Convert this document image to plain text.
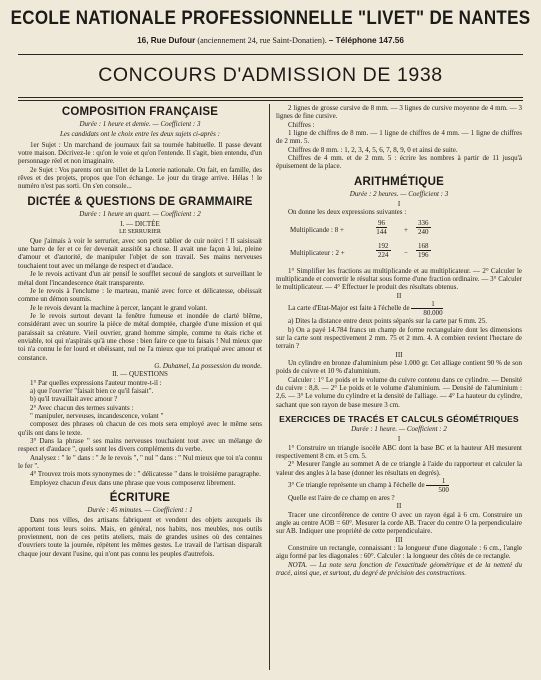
ECOLE NATIONALE PROFESSIONNELLE "LIVET" DE NANTES
16, Rue Dufour (anciennement 24, rue Saint-Donatien). – Téléphone 147.56
CONCOURS D'ADMISSION DE 1938
COMPOSITION FRANÇAISE
Durée : 1 heure et demie. — Coefficient : 3
Les candidats ont le choix entre les deux sujets ci-après :

1er Sujet : Un marchand de journaux fait sa tournée habituelle. Il passe devant votre maison. Décrivez-le : qu'on le voie et qu'on l'entende. Il s'agit, bien entendu, d'un personnage réel et non imaginaire.

2e Sujet : Vos parents ont un billet de la Loterie nationale. On fait, en famille, des rêves et des projets, propos que l'on échange. Le jour du tirage arrive. Hélas ! le numéro n'est pas sorti. On s'en console...

DICTÉE & QUESTIONS DE GRAMMAIRE
Durée : 1 heure un quart. — Coefficient : 2
I. — DICTÉE
LE SERRURIER

Que j'aimais à voir le serrurier, avec son petit tablier de cuir noirci ! Il saisissait une barre de fer et ce fer devenait aussitôt sa chose. Il avait une façon à lui, pleine d'amour et d'autorité, de manipuler l'objet de son travail. Ses mains nerveuses touchaient tout avec un mélange de respect et d'audace.

Je le revois activant d'un air pensif le soufflet secoué de sanglots et surveillant le métal dont l'incandescence était transparente.

Je le revois à l'enclume : le marteau, manié avec force et délicatesse, obéissait comme un démon soumis.

Je le revois devant la machine à percer, lançant le grand volant.

Je le revois surtout devant la fenêtre fumeuse et inondée de clarté blême, considérant avec un sourire la pièce de métal domptée, chargée d'une mission et qui paraissait sa créature. Vieil ouvrier, grand homme simple, comme tu étais riche et enviable, toi qui n'aspirais qu'à une chose : bien faire ce que tu faisais ! Nul mieux que toi n'a connu le fer lourd et obéissant, nul ne l'a mieux que toi pratiqué avec amour et constance.

G. Duhamel, La possession du monde.
II. — QUESTIONS

1° Par quelles expressions l'auteur montre-t-il :

a) que l'ouvrier "faisait bien ce qu'il faisait".

b) qu'il travaillait avec amour ?

2° Avec chacun des termes suivants :

" manipuler, nerveuses, incandescence, volant "

composez des phrases où chacun de ces mots sera employé avec le même sens qu'ils ont dans le texte.

3° Dans la phrase " ses mains nerveuses touchaient tout avec un mélange de respect et d'audace ", quels sont les divers compléments du verbe.

Analysez : " le " dans : " Je le revois ", " nul " dans : " Nul mieux que toi n'a connu le fer ".

4° Trouvez trois mots synonymes de : " délicatesse " dans le troisième paragraphe.

Employez chacun d'eux dans une phrase que vous composerez librement.

ÉCRITURE
Durée : 45 minutes. — Coefficient : 1

Dans nos villes, des artisans fabriquent et vendent des objets auxquels ils apportent tous leurs soins. Mais, en général, nos habits, nos meubles, nos outils proviennent, non de ces petits ateliers, mais de grandes usines où des centaines d'ouvriers toute la journée, répètent les mêmes gestes. Le travail de l'artisan disparaît chaque jour devant l'usine, qui n'ont pas connu les peuples d'autrefois.

2 lignes de grosse cursive de 8 mm. — 3 lignes de cursive moyenne de 4 mm. — 3 lignes de fine cursive.

Chiffres :

1 ligne de chiffres de 8 mm. — 1 ligne de chiffres de 4 mm. — 1 ligne de chiffres de 2 mm. 5.

Chiffres de 8 mm. : 1, 2, 3, 4, 5, 6, 7, 8, 9, 0 et ainsi de suite.

Chiffres de 4 mm. et de 2 mm. 5 : écrire les nombres à partir de 11 jusqu'à épuisement de la place.

ARITHMÉTIQUE
Durée : 2 heures. — Coefficient : 3
I

On donne les deux expressions suivantes :

Multiplicande : 8 +	$\frac{96}{144} + \frac{336}{240}$
Multiplicateur : 2 +	$\frac{192}{224} - \frac{168}{196}$

1° Simplifier les fractions au multiplicande et au multiplicateur. — 2° Calculer le multiplicande et convertir le résultat sous forme d'une fraction ordinaire. — 3° Calculer le multiplicateur. — 4° Effectuer le produit des résultats obtenus.

II

La carte d'Etat-Major est faite à l'échelle de $\frac{1}{80.000}$

a) Dites la distance entre deux points séparés sur la carte par 6 mm. 25.

b) On a payé 14.784 francs un champ de forme rectangulaire dont les dimensions sur la carte sont respectivement 2 mm. 75 et 2 mm. 4. A combien revient l'hectare de terrain ?

III

Un cylindre en bronze d'aluminium pèse 1.000 gr. Cet alliage contient 90 % de son poids de cuivre et 10 % d'aluminium.

Calculer : 1° Le poids et le volume du cuivre contenu dans ce cylindre. — Densité du cuivre : 8,8. — 2° Le poids et le volume d'aluminium. — Densité de l'aluminium : 2,6. — 3° Le volume du cylindre et la densité de l'alliage. — 4° La hauteur du cylindre, sachant que son rayon de base mesure 3 cm.

EXERCICES DE TRACÉS ET CALCULS GÉOMÉTRIQUES
Durée : 1 heure. — Coefficient : 2
I

1° Construire un triangle isocèle ABC dont la base BC et la hauteur AH mesurent respectivement 8 cm. et 5 cm. 5.

2° Mesurer l'angle au sommet A de ce triangle à l'aide du rapporteur et calculer la valeur des angles à la base (donner les résultats en degrés).

3° Ce triangle représente un champ à l'échelle de $\frac{1}{500}$

Quelle est l'aire de ce champ en ares ?

II

Tracer une circonférence de centre O avec un rayon égal à 6 cm. Construire un angle au centre AOB = 60°. Mesurer la corde AB. Tracer du centre O la perpendiculaire sur AB. Indiquer une propriété de cette perpendiculaire.

III

Construire un rectangle, connaissant : la longueur d'une diagonale : 6 cm., l'angle aigu formé par les diagonales : 60°. Calculer : la longueur des côtés de ce rectangle.

NOTA. — La note sera fonction de l'exactitude géométrique et de la netteté du tracé, ainsi que, et surtout, du degré de précision des constructions.
